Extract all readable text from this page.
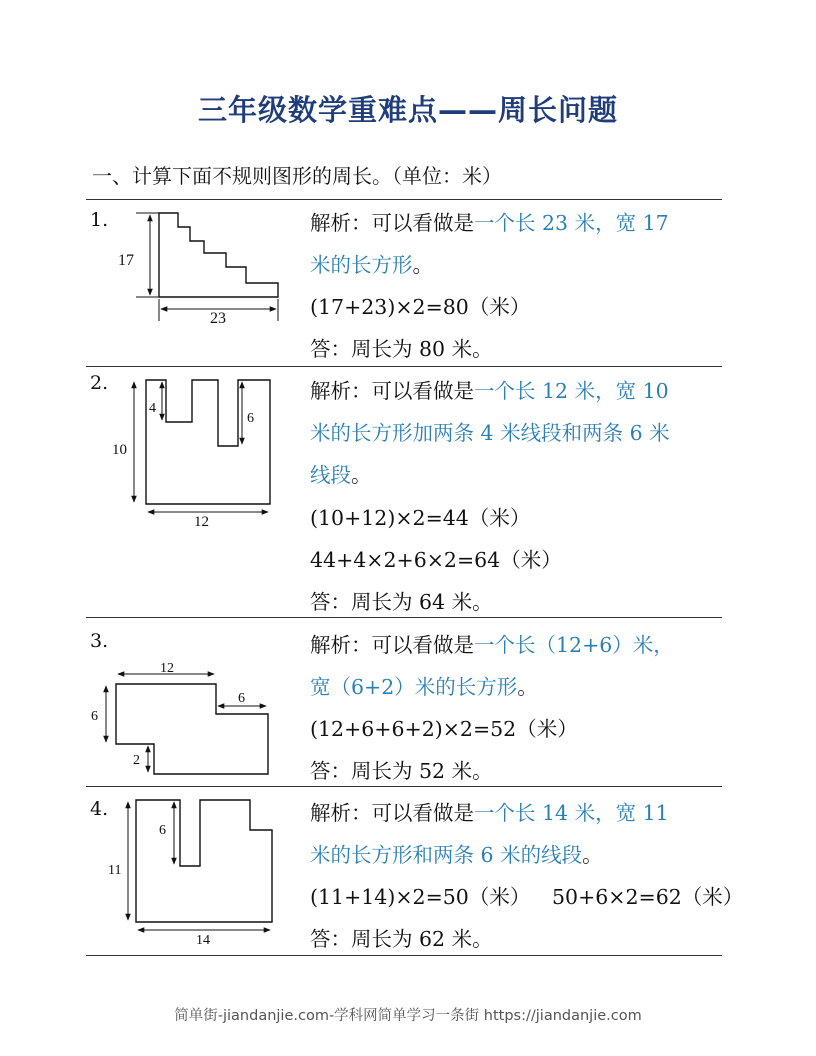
三年级数学重难点——周长问题
一、计算下面不规则图形的周长。（单位：米）
1.
17
23
解析：可以看做是一个长 23 米，宽 17
米的长方形。
(17+23)×2=80（米）
答：周长为 80 米。
2.
4
6
10
12
解析：可以看做是一个长 12 米，宽 10
米的长方形加两条 4 米线段和两条 6 米
线段。
(10+12)×2=44（米）
44+4×2+6×2=64（米）
答：周长为 64 米。
3.
12
6
6
2
解析：可以看做是一个长（12+6）米，
宽（6+2）米的长方形。
(12+6+6+2)×2=52（米）
答：周长为 52 米。
4.
6
11
14
解析：可以看做是一个长 14 米，宽 11
米的长方形和两条 6 米的线段。
(11+14)×2=50（米） 50+6×2=62（米）
答：周长为 62 米。
简单街-jiandanjie.com-学科网简单学习一条街 https://jiandanjie.com
